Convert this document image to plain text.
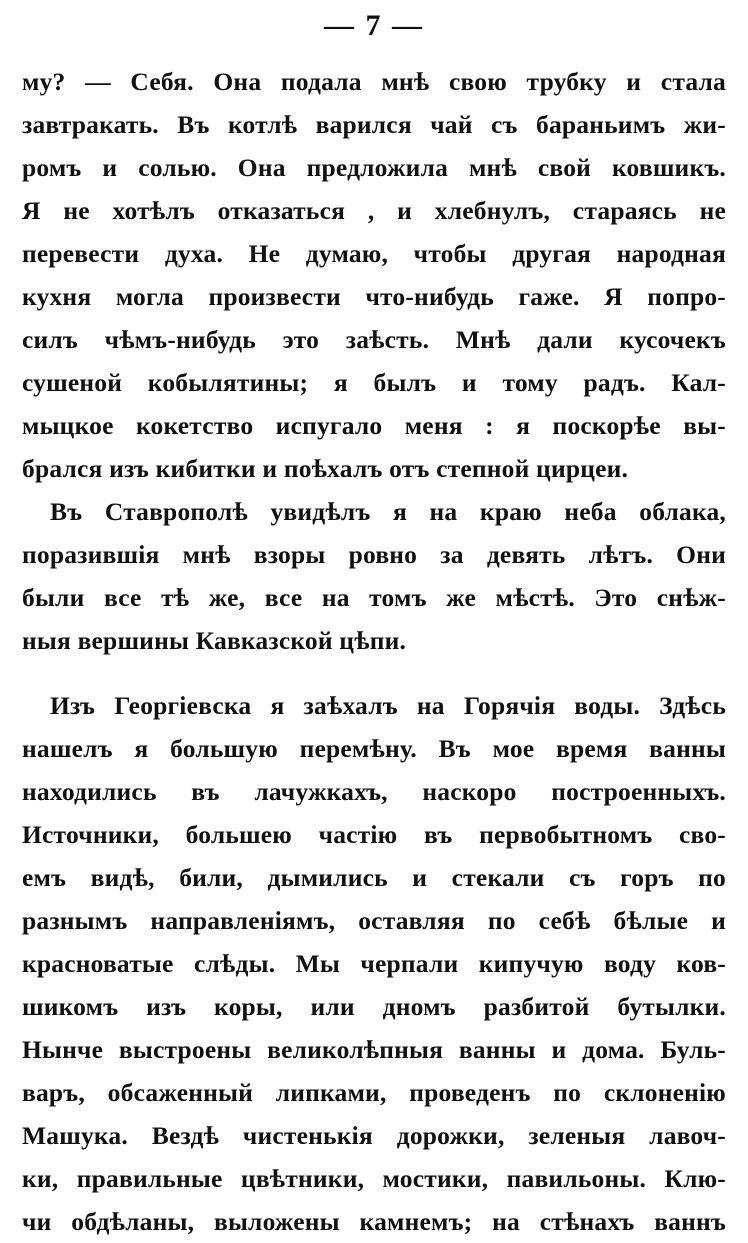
— 7 —
му? — Себя. Она подала мнѣ свою трубку и стала
завтракать. Въ котлѣ варился чай съ бараньимъ жи-
ромъ и солью. Она предложила мнѣ свой ковшикъ.
Я не хотѣлъ отказаться , и хлебнулъ, стараясь не
перевести духа. Не думаю, чтобы другая народная
кухня могла произвести что-нибудь гаже. Я попро-
силъ чѣмъ-нибудь это заѣсть. Мнѣ дали кусочекъ
сушеной кобылятины; я былъ и тому радъ. Кал-
мыцкое кокетство испугало меня : я поскорѣе вы-
брался изъ кибитки и поѣхалъ отъ степной цирцеи.
Въ Ставрополѣ увидѣлъ я на краю неба облака,
поразившія мнѣ взоры ровно за девять лѣтъ. Они
были все тѣ же, все на томъ же мѣстѣ. Это снѣж-
ныя вершины Кавказской цѣпи.
Изъ Георгіевска я заѣхалъ на Горячія воды. Здѣсь
нашелъ я большую перемѣну. Въ мое время ванны
находились въ лачужкахъ, наскоро построенныхъ.
Источники, большею частію въ первобытномъ сво-
емъ видѣ, били, дымились и стекали съ горъ по
разнымъ направленіямъ, оставляя по себѣ бѣлые и
красноватые слѣды. Мы черпали кипучую воду ков-
шикомъ изъ коры, или дномъ разбитой бутылки.
Нынче выстроены великолѣпныя ванны и дома. Буль-
варъ, обсаженный липками, проведенъ по склоненію
Машука. Вездѣ чистенькія дорожки, зеленыя лавоч-
ки, правильные цвѣтники, мостики, павильоны. Клю-
чи обдѣланы, выложены камнемъ; на стѣнахъ ваннъ
